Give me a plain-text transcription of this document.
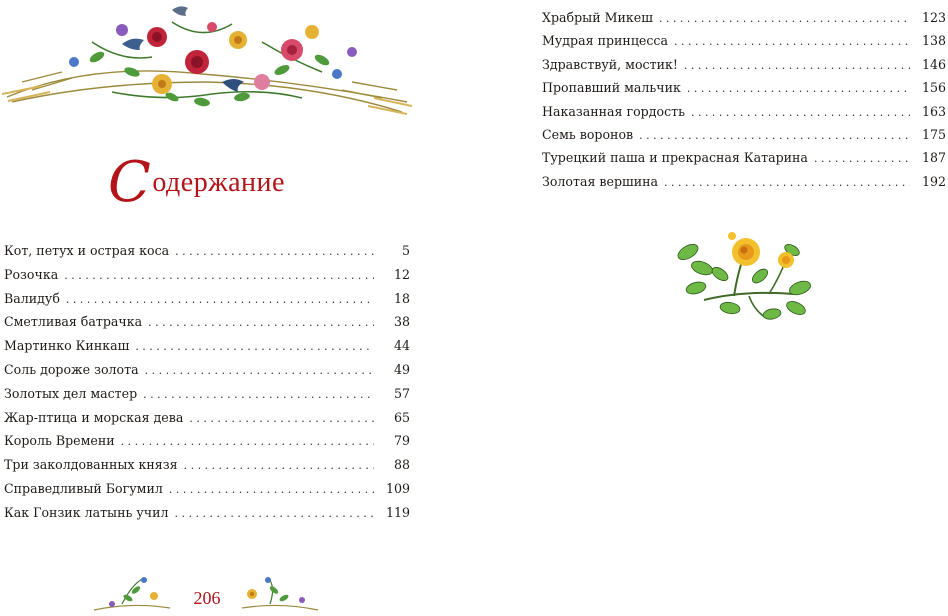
Содержание
Кот, петух и острая коса . . .	5
Розочка . . .	12
Валидуб . . .	18
Сметливая батрачка . . .	38
Мартинко Кинкаш . . .	44
Соль дороже золота . . .	49
Золотых дел мастер . . .	57
Жар-птица и морская дева . . .	65
Король Времени . . .	79
Три заколдованных князя . . .	88
Справедливый Богумил . . .	109
Как Гонзик латынь учил . . .	119
206
Храбрый Микеш . . .	123
Мудрая принцесса . . .	138
Здравствуй, мостик! . . .	146
Пропавший мальчик . . .	156
Наказанная гордость . . .	163
Семь воронов . . .	175
Турецкий паша и прекрасная Катарина . . .	187
Золотая вершина . . .	192
